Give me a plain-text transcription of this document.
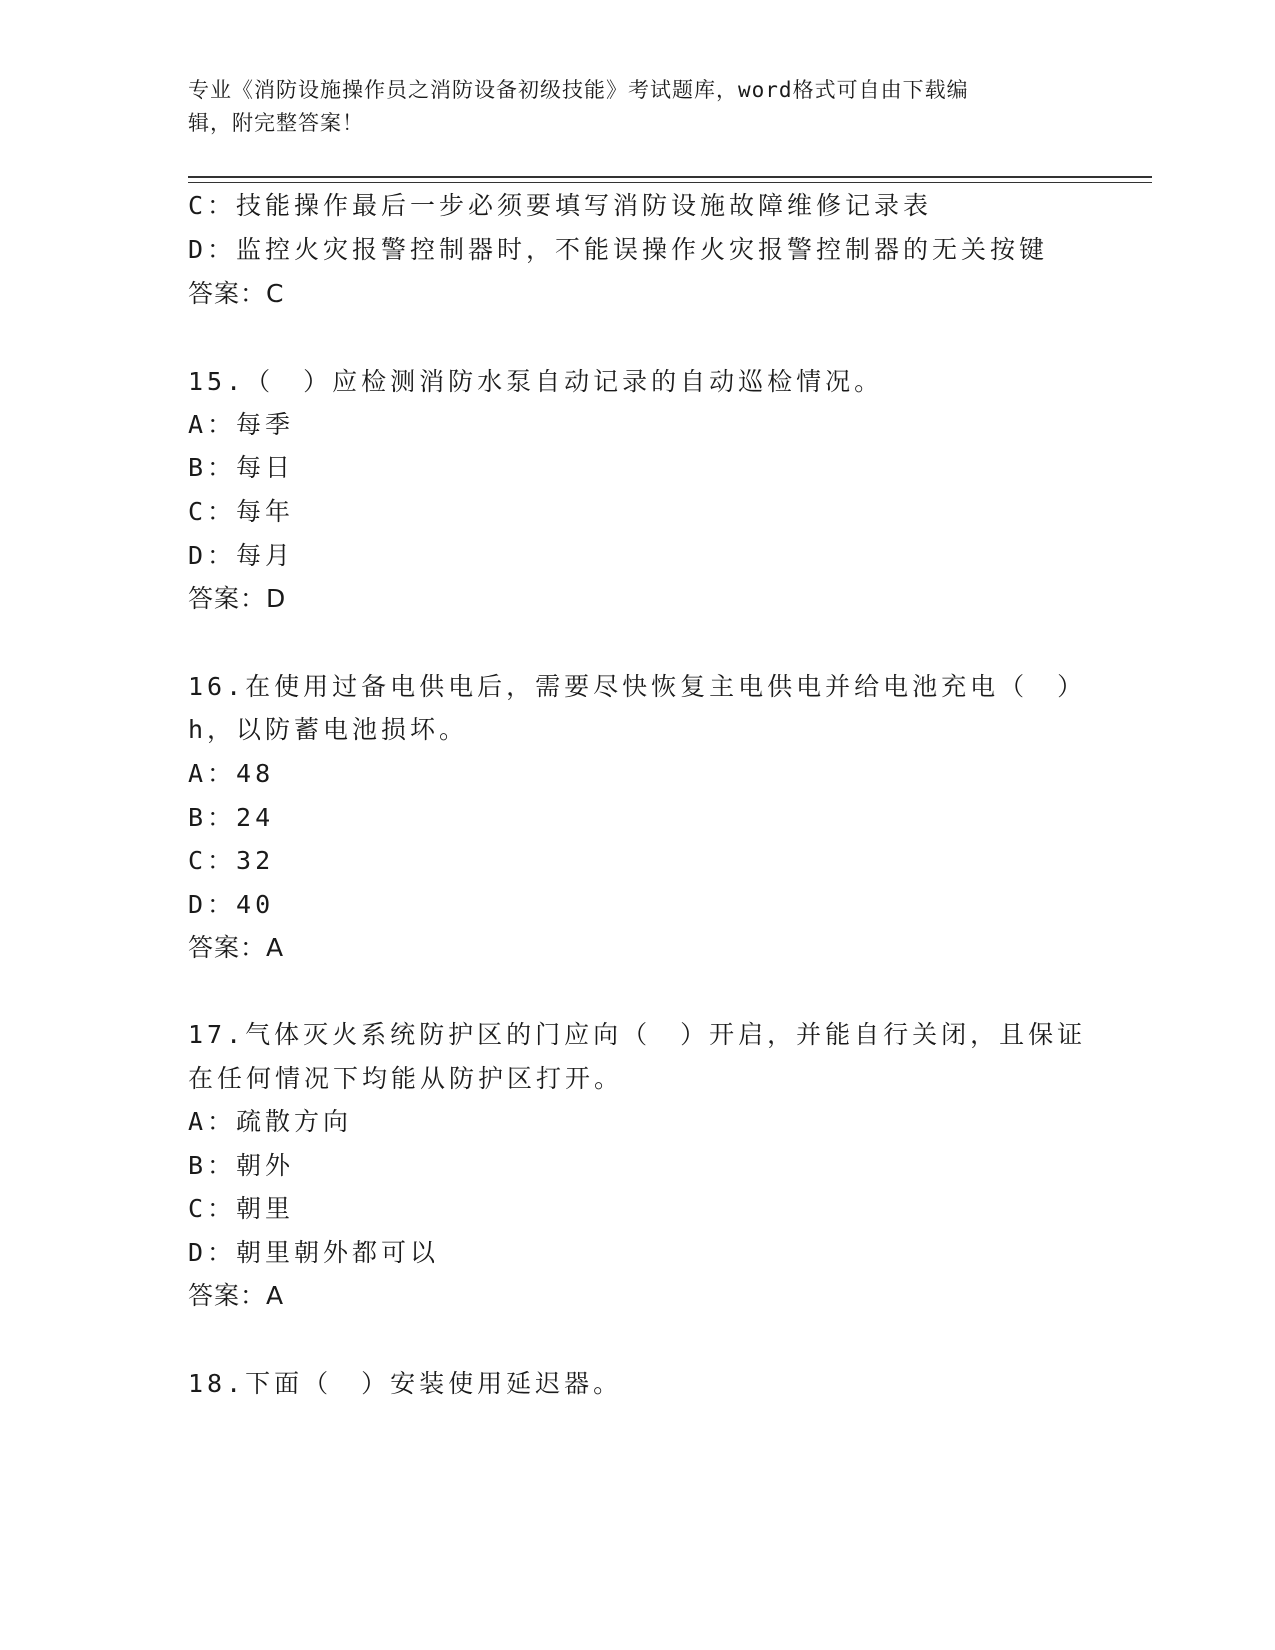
专业《消防设施操作员之消防设备初级技能》考试题库，word格式可自由下载编
辑，附完整答案！
C：技能操作最后一步必须要填写消防设施故障维修记录表
D：监控火灾报警控制器时，不能误操作火灾报警控制器的无关按键
答案：C
15.（　）应检测消防水泵自动记录的自动巡检情况。
A：每季
B：每日
C：每年
D：每月
答案：D
16.在使用过备电供电后，需要尽快恢复主电供电并给电池充电（　）
h，以防蓄电池损坏。
A：48
B：24
C：32
D：40
答案：A
17.气体灭火系统防护区的门应向（　）开启，并能自行关闭，且保证
在任何情况下均能从防护区打开。
A：疏散方向
B：朝外
C：朝里
D：朝里朝外都可以
答案：A
18.下面（　）安装使用延迟器。
